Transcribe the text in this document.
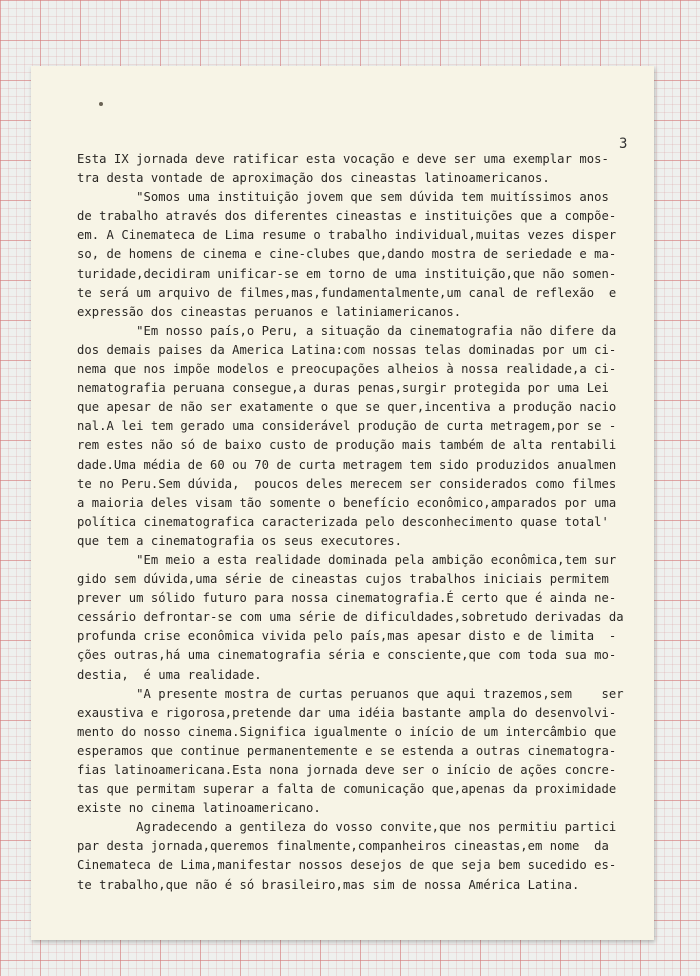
3
Esta IX jornada deve ratificar esta vocação e deve ser uma exemplar mos-
tra desta vontade de aproximação dos cineastas latinoamericanos.
"Somos uma instituição jovem que sem dúvida tem muitíssimos anos
de trabalho através dos diferentes cineastas e instituições que a compõe-
em. A Cinemateca de Lima resume o trabalho individual,muitas vezes disper
so, de homens de cinema e cine-clubes que,dando mostra de seriedade e ma-
turidade,decidiram unificar-se em torno de uma instituição,que não somen-
te será um arquivo de filmes,mas,fundamentalmente,um canal de reflexão  e
expressão dos cineastas peruanos e latiniamericanos.
"Em nosso país,o Peru, a situação da cinematografia não difere da
dos demais paises da America Latina:com nossas telas dominadas por um ci-
nema que nos impõe modelos e preocupações alheios à nossa realidade,a ci-
nematografia peruana consegue,a duras penas,surgir protegida por uma Lei
que apesar de não ser exatamente o que se quer,incentiva a produção nacio
nal.A lei tem gerado uma considerável produção de curta metragem,por se -
rem estes não só de baixo custo de produção mais também de alta rentabili
dade.Uma média de 60 ou 70 de curta metragem tem sido produzidos anualmen
te no Peru.Sem dúvida,  poucos deles merecem ser considerados como filmes
a maioria deles visam tão somente o benefício econômico,amparados por uma
política cinematografica caracterizada pelo desconhecimento quase total'
que tem a cinematografia os seus executores.
"Em meio a esta realidade dominada pela ambição econômica,tem sur
gido sem dúvida,uma série de cineastas cujos trabalhos iniciais permitem
prever um sólido futuro para nossa cinematografia.É certo que é ainda ne-
cessário defrontar-se com uma série de dificuldades,sobretudo derivadas da
profunda crise econômica vivida pelo país,mas apesar disto e de limita  -
ções outras,há uma cinematografia séria e consciente,que com toda sua mo-
destia,  é uma realidade.
"A presente mostra de curtas peruanos que aqui trazemos,sem    ser
exaustiva e rigorosa,pretende dar uma idéia bastante ampla do desenvolvi-
mento do nosso cinema.Significa igualmente o início de um intercâmbio que
esperamos que continue permanentemente e se estenda a outras cinematogra-
fias latinoamericana.Esta nona jornada deve ser o início de ações concre-
tas que permitam superar a falta de comunicação que,apenas da proximidade
existe no cinema latinoamericano.
Agradecendo a gentileza do vosso convite,que nos permitiu partici
par desta jornada,queremos finalmente,companheiros cineastas,em nome  da
Cinemateca de Lima,manifestar nossos desejos de que seja bem sucedido es-
te trabalho,que não é só brasileiro,mas sim de nossa América Latina.
